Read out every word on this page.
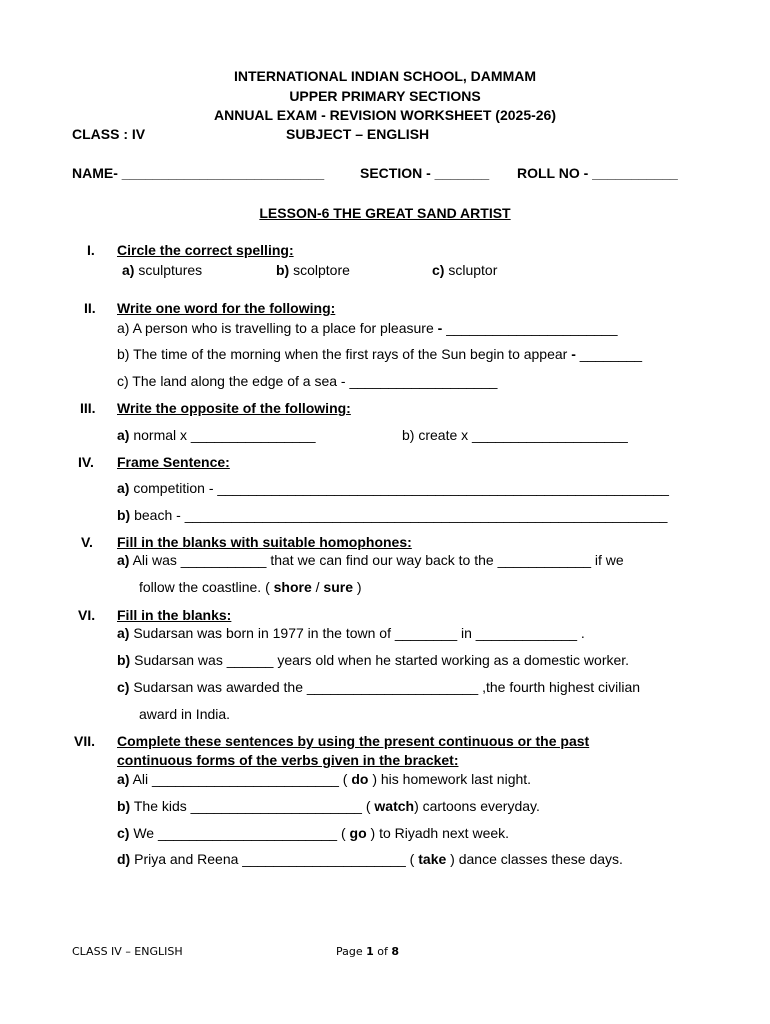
INTERNATIONAL INDIAN SCHOOL, DAMMAM
UPPER PRIMARY SECTIONS
ANNUAL EXAM - REVISION WORKSHEET (2025-26)
CLASS : IV	SUBJECT – ENGLISH
NAME- __________________________	SECTION - _______ ROLL NO - ___________
LESSON-6 THE GREAT SAND ARTIST
I. Circle the correct spelling:
a) sculptures	b) scolptore	c) scluptor
II. Write one word for the following:
a) A person who is travelling to a place for pleasure - ______________________
b) The time of the morning when the first rays of the Sun begin to appear - ________
c) The land along the edge of a sea - ___________________
III. Write the opposite of the following:
a) normal x ________________	b) create x ____________________
IV. Frame Sentence:
a) competition - __________________________________________________________
b) beach - ______________________________________________________________
V. Fill in the blanks with suitable homophones:
a) Ali was ___________ that we can find our way back to the ____________ if we
follow the coastline. ( shore / sure )
VI. Fill in the blanks:
a) Sudarsan was born in 1977 in the town of ________ in _____________ .
b) Sudarsan was ______ years old when he started working as a domestic worker.
c) Sudarsan was awarded the ______________________ ,the fourth highest civilian
award in India.
VII. Complete these sentences by using the present continuous or the past
continuous forms of the verbs given in the bracket:
a) Ali ________________________ ( do ) his homework last night.
b) The kids ______________________ ( watch) cartoons everyday.
c) We _______________________ ( go ) to Riyadh next week.
d) Priya and Reena _____________________ ( take ) dance classes these days.
CLASS IV – ENGLISH	Page 1 of 8
